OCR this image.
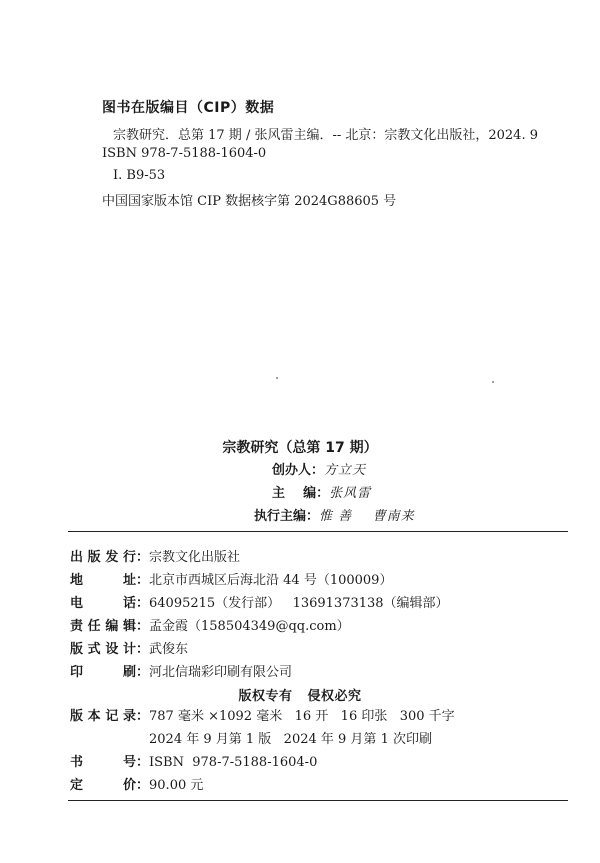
图书在版编目（CIP）数据
宗教研究．总第 17 期 / 张风雷主编．-- 北京：宗教文化出版社，2024. 9
ISBN 978-7-5188-1604-0
Ⅰ. B9-53
中国国家版本馆 CIP 数据核字第 2024G88605 号
宗教研究（总第 17 期）
创办人：方立天
主    编：张风雷
执行主编：惟 善    曹南来
出版发行：宗教文化出版社
地址：北京市西城区后海北沿 44 号（100009）
电话：64095215（发行部）   13691373138（编辑部）
责任编辑：孟金霞（158504349@qq.com）
版式设计：武俊东
印刷：河北信瑞彩印刷有限公司
版权专有   侵权必究
版本记录：787 毫米 ×1092 毫米   16 开   16 印张   300 千字
2024 年 9 月第 1 版   2024 年 9 月第 1 次印刷
书号：ISBN  978-7-5188-1604-0
定价：90.00 元
